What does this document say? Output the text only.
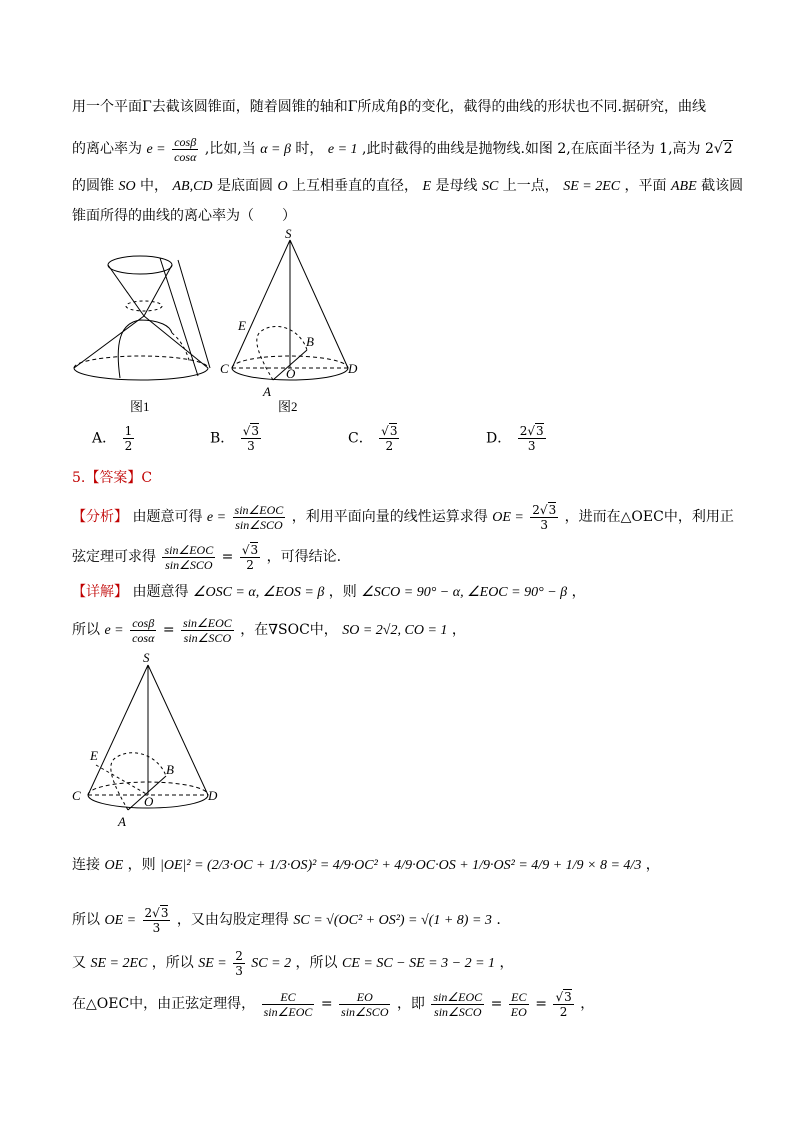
用一个平面Γ去截该圆锥面，随着圆锥的轴和Γ所成角β的变化，截得的曲线的形状也不同.据研究，曲线
的离心率为 $e = \frac{\cos\beta}{\cos\alpha}$ ,比如,当 α = β 时， e = 1 ,此时截得的曲线是抛物线.如图 2,在底面半径为 1,高为 2√2
的圆锥 SO 中， AB,CD 是底面圆 O 上互相垂直的直径， E 是母线 SC 上一点， SE = 2EC ，平面 ABE 截该圆
锥面所得的曲线的离心率为（　　）
图1
S
E
B
C	O	D
A
图2
A． $\frac{1}{2}$	B． $\frac{√3}{3}$	C． $\frac{√3}{2}$	D． $\frac{2√3}{3}$
5.【答案】C
【分析】 由题意可得 $e = \frac{\text{sin∠EOC}}{\text{sin∠SCO}}$ ，利用平面向量的线性运算求得 OE = $\frac{2√3}{3}$ ，进而在△OEC中，利用正
弦定理可求得 $\frac{\text{sin∠EOC}}{\text{sin∠SCO}} = \frac{√3}{2}$ ，可得结论.
【详解】 由题意得 ∠OSC = α, ∠EOS = β ，则 ∠SCO = 90° − α, ∠EOC = 90° − β ，
所以 $e = \frac{\cos\beta}{\cos\alpha} = \frac{\text{sin∠EOC}}{\text{sin∠SCO}}$ ，在∇SOC中， SO = 2√2, CO = 1 ，
S
E
B
C	O	D
A
连接 OE ，则 |OE|² = (2/3·OC + 1/3·OS)² = 4/9·OC² + 4/9·OC·OS + 1/9·OS² = 4/9 + 1/9 × 8 = 4/3 ，
所以 OE = $\frac{2√3}{3}$ ，又由勾股定理得 SC = √(OC² + OS²) = √(1 + 8) = 3 .
又 SE = 2EC ，所以 SE = $\frac{2}{3}$ SC = 2 ，所以 CE = SC − SE = 3 − 2 = 1 ，
在△OEC中，由正弦定理得， $\frac{EC}{\text{sin∠EOC}} = \frac{EO}{\text{sin∠SCO}}$ ，即 $\frac{\text{sin∠EOC}}{\text{sin∠SCO}} = \frac{EC}{EO} = \frac{√3}{2}$ ，
